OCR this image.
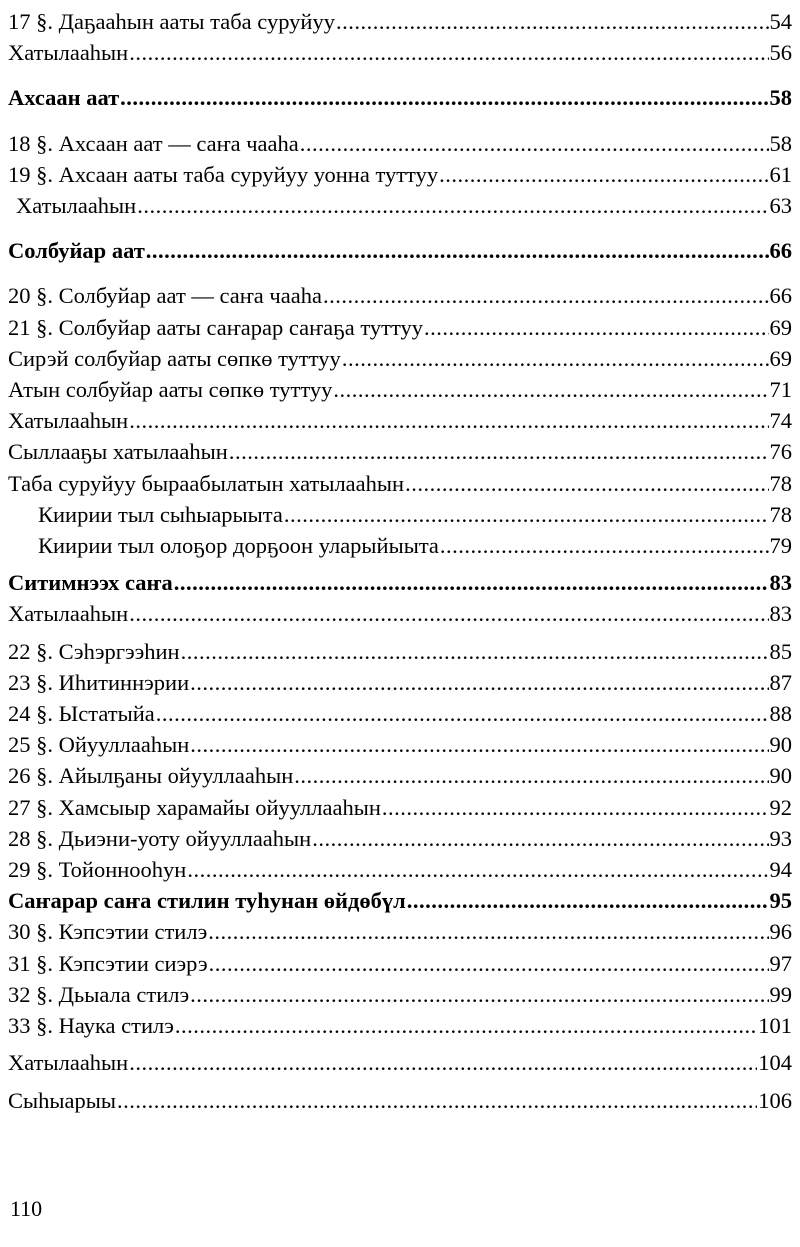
17 §. Даҕааһын аaты таба суруйуу .....	54
Хатылааһын .....	56
Ахсаан аат .....	58
18 §. Ахсаан аат — саҥа чааһа .....	58
19 §. Ахсаан ааты таба суруйуу уонна туттуу .....	61
Хатылааһын .....	63
Солбуйар аат .....	66
20 §. Солбуйар аат — саҥа чааһа .....	66
21 §. Солбуйар ааты саҥарар саҥаҕа туттуу .....	69
Сирэй солбуйар ааты сөпкө туттуу .....	69
Атын солбуйар ааты сөпкө туттуу .....	71
Хатылааһын .....	74
Сыллааҕы хатылааһын .....	76
Таба суруйуу быраабылатын хатылааһын .....	78
Киирии тыл сыһыарыыта .....	78
Киирии тыл олоҕор дорҕоон уларыйыыта .....	79
Ситимнээх саҥа .....	83
Хатылааһын .....	83
22 §. Сэһэргээһин .....	85
23 §. Иһитиннэрии .....	87
24 §. Ыстатыйа .....	88
25 §. Ойууллааһын .....	90
26 §. Айылҕаны ойууллааһын .....	90
27 §. Хамсыыр харамайы ойууллааһын .....	92
28 §. Дьиэни-уоту ойууллааһын .....	93
29 §. Тойоннооһун .....	94
Саҥарар саҥа стилин туһунан өйдөбүл .....	95
30 §. Кэпсэтии стилэ .....	96
31 §. Кэпсэтии сиэрэ .....	97
32 §. Дьыала стилэ .....	99
33 §. Наука стилэ .....	101
Хатылааһын .....	104
Сыһыарыы .....	106
110
